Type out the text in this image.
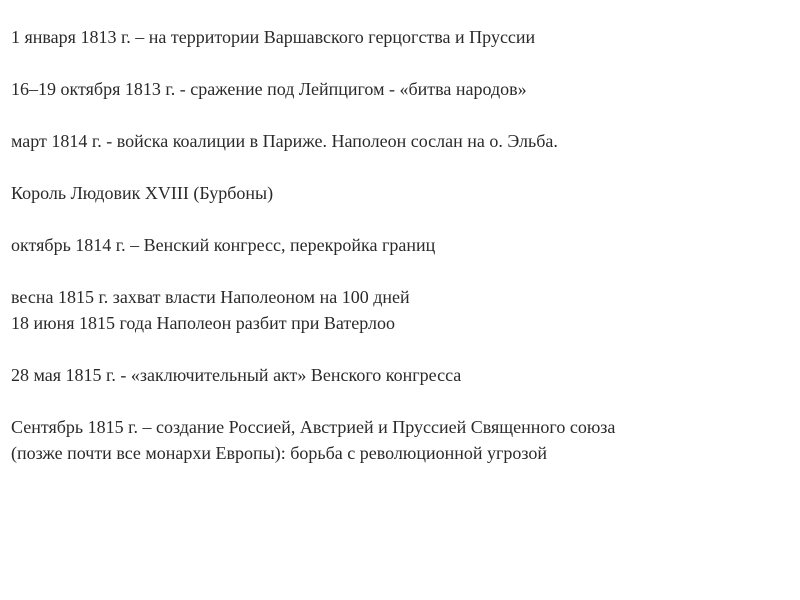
1 января 1813 г. – на территории Варшавского герцогства и Пруссии
16–19 октября 1813 г. - сражение под Лейпцигом - «битва народов»
март 1814 г. - войска коалиции в Париже. Наполеон сослан на о. Эльба.
Король Людовик XVIII (Бурбоны)
октябрь 1814 г. – Венский конгресс, перекройка границ
весна 1815 г. захват власти Наполеоном на 100 дней
18 июня 1815 года Наполеон разбит при Ватерлоо
28 мая 1815 г. - «заключительный акт» Венского конгресса
Сентябрь 1815 г. – создание Россией, Австрией и Пруссией Священного союза
(позже почти все монархи Европы): борьба с революционной угрозой
